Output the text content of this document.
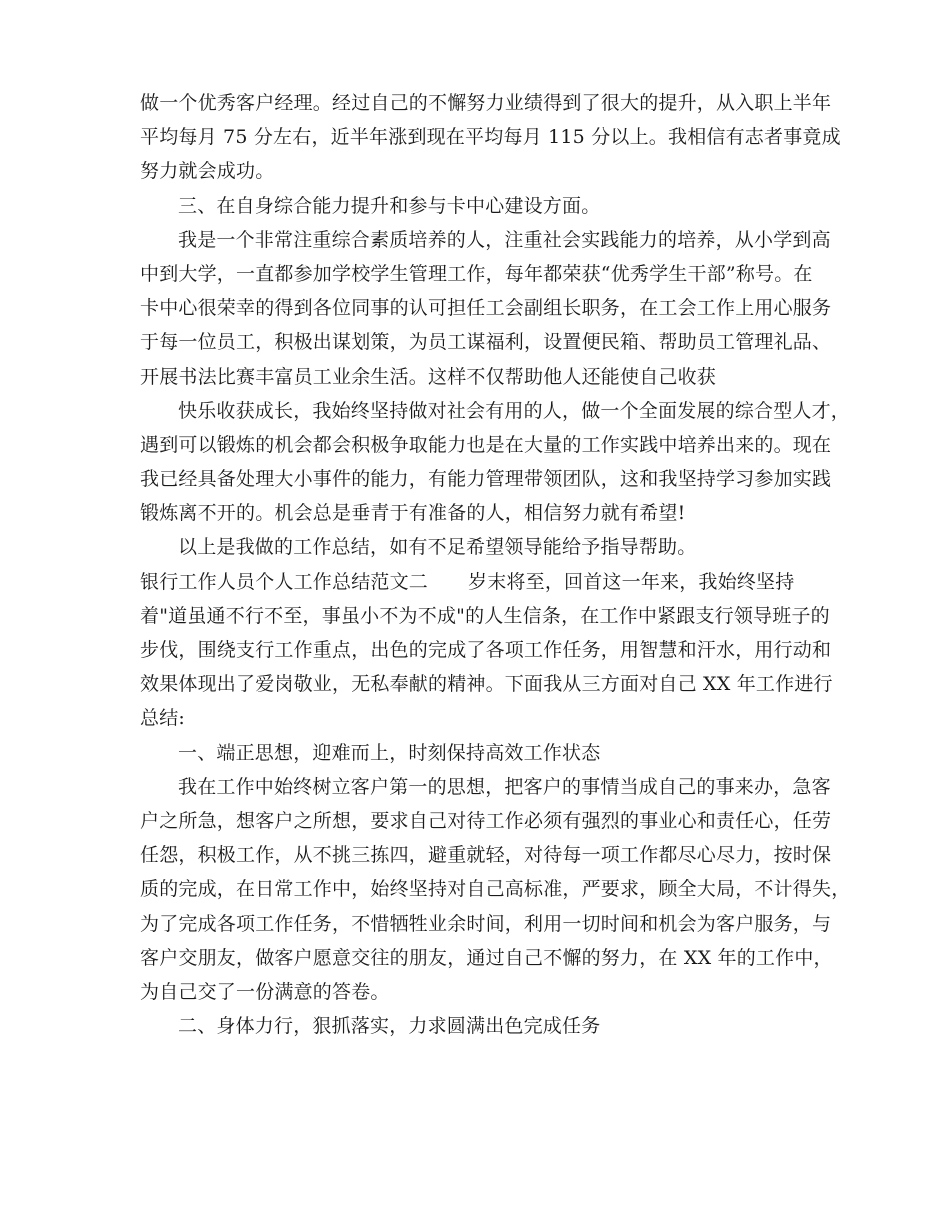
做一个优秀客户经理。经过自己的不懈努力业绩得到了很大的提升，从入职上半年
平均每月 75 分左右，近半年涨到现在平均每月 115 分以上。我相信有志者事竟成
努力就会成功。
三、在自身综合能力提升和参与卡中心建设方面。
我是一个非常注重综合素质培养的人，注重社会实践能力的培养，从小学到高
中到大学，一直都参加学校学生管理工作，每年都荣获“优秀学生干部”称号。在
卡中心很荣幸的得到各位同事的认可担任工会副组长职务，在工会工作上用心服务
于每一位员工，积极出谋划策，为员工谋福利，设置便民箱、帮助员工管理礼品、
开展书法比赛丰富员工业余生活。这样不仅帮助他人还能使自己收获
快乐收获成长，我始终坚持做对社会有用的人，做一个全面发展的综合型人才，
遇到可以锻炼的机会都会积极争取能力也是在大量的工作实践中培养出来的。现在
我已经具备处理大小事件的能力，有能力管理带领团队，这和我坚持学习参加实践
锻炼离不开的。机会总是垂青于有准备的人，相信努力就有希望!
以上是我做的工作总结，如有不足希望领导能给予指导帮助。
银行工作人员个人工作总结范文二 岁末将至，回首这一年来，我始终坚持
着"道虽通不行不至，事虽小不为不成"的人生信条，在工作中紧跟支行领导班子的
步伐，围绕支行工作重点，出色的完成了各项工作任务，用智慧和汗水，用行动和
效果体现出了爱岗敬业，无私奉献的精神。下面我从三方面对自己 XX 年工作进行
总结:
一、端正思想，迎难而上，时刻保持高效工作状态
我在工作中始终树立客户第一的思想，把客户的事情当成自己的事来办，急客
户之所急，想客户之所想，要求自己对待工作必须有强烈的事业心和责任心，任劳
任怨，积极工作，从不挑三拣四，避重就轻，对待每一项工作都尽心尽力，按时保
质的完成，在日常工作中，始终坚持对自己高标准，严要求，顾全大局，不计得失，
为了完成各项工作任务，不惜牺牲业余时间，利用一切时间和机会为客户服务，与
客户交朋友，做客户愿意交往的朋友，通过自己不懈的努力，在 XX 年的工作中，
为自己交了一份满意的答卷。
二、身体力行，狠抓落实，力求圆满出色完成任务
